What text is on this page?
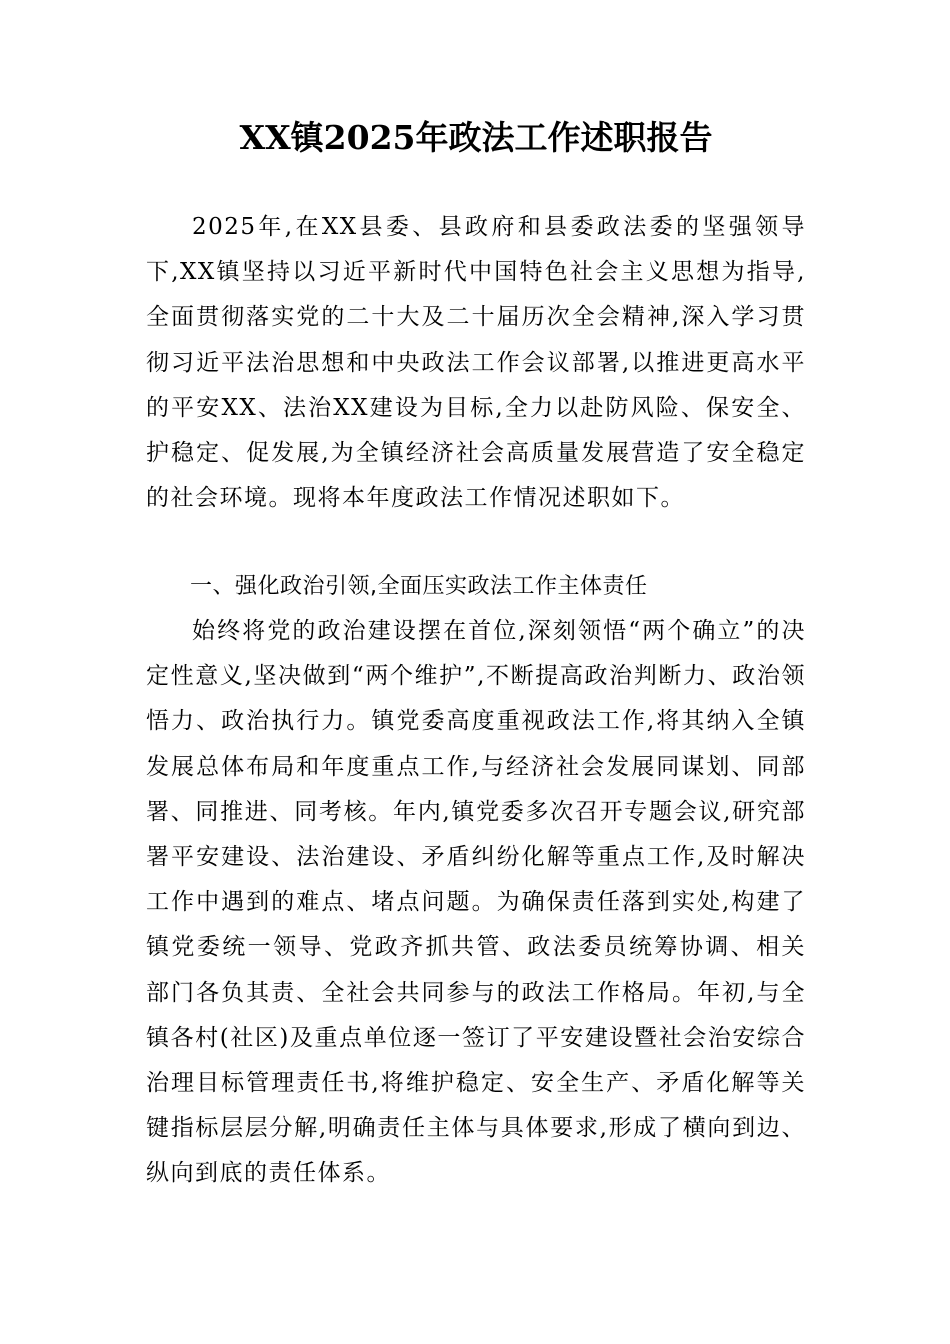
XX镇2025年政法工作述职报告

2025年,在XX县委、县政府和县委政法委的坚强领导下,XX镇坚持以习近平新时代中国特色社会主义思想为指导,全面贯彻落实党的二十大及二十届历次全会精神,深入学习贯彻习近平法治思想和中央政法工作会议部署,以推进更高水平的平安XX、法治XX建设为目标,全力以赴防风险、保安全、护稳定、促发展,为全镇经济社会高质量发展营造了安全稳定的社会环境。现将本年度政法工作情况述职如下。

一、强化政治引领,全面压实政法工作主体责任

始终将党的政治建设摆在首位,深刻领悟“两个确立”的决定性意义,坚决做到“两个维护”,不断提高政治判断力、政治领悟力、政治执行力。镇党委高度重视政法工作,将其纳入全镇发展总体布局和年度重点工作,与经济社会发展同谋划、同部署、同推进、同考核。年内,镇党委多次召开专题会议,研究部署平安建设、法治建设、矛盾纠纷化解等重点工作,及时解决工作中遇到的难点、堵点问题。为确保责任落到实处,构建了镇党委统一领导、党政齐抓共管、政法委员统筹协调、相关部门各负其责、全社会共同参与的政法工作格局。年初,与全镇各村(社区)及重点单位逐一签订了平安建设暨社会治安综合治理目标管理责任书,将维护稳定、安全生产、矛盾化解等关键指标层层分解,明确责任主体与具体要求,形成了横向到边、纵向到底的责任体系。
